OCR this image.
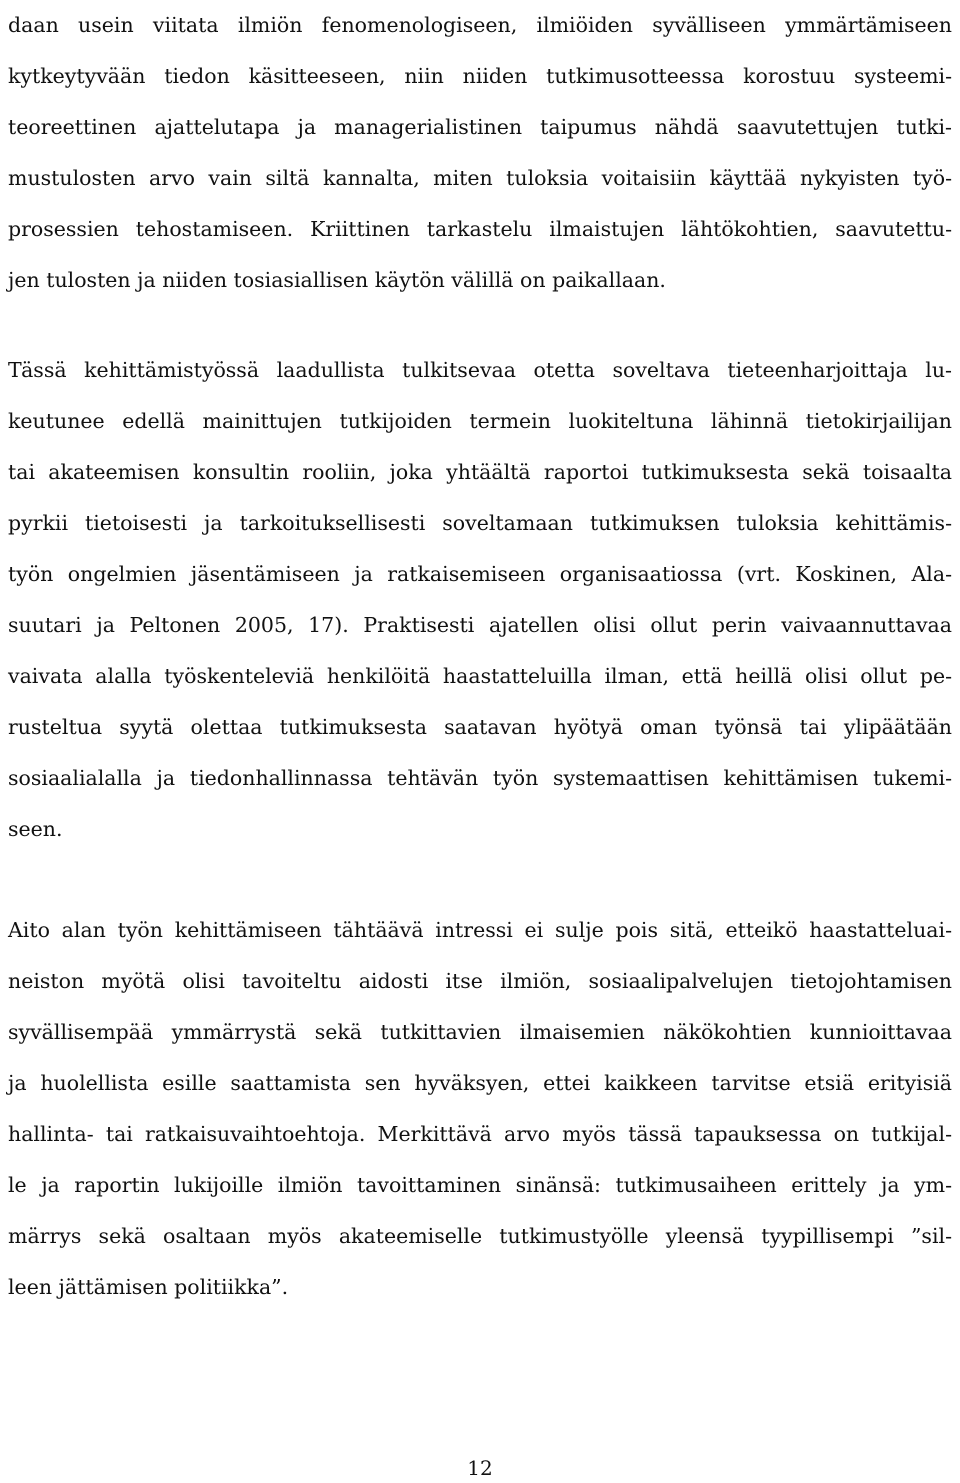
daan usein viitata ilmiön fenomenologiseen, ilmiöiden syvälliseen ymmärtämiseen
kytkeytyvään tiedon käsitteeseen, niin niiden tutkimusotteessa korostuu systeemi-
teoreettinen ajattelutapa ja managerialistinen taipumus nähdä saavutettujen tutki-
mustulosten arvo vain siltä kannalta, miten tuloksia voitaisiin käyttää nykyisten työ-
prosessien tehostamiseen. Kriittinen tarkastelu ilmaistujen lähtökohtien, saavutettu-
jen tulosten ja niiden tosiasiallisen käytön välillä on paikallaan.
Tässä kehittämistyössä laadullista tulkitsevaa otetta soveltava tieteenharjoittaja lu-
keutunee edellä mainittujen tutkijoiden termein luokiteltuna lähinnä tietokirjailijan
tai akateemisen konsultin rooliin, joka yhtäältä raportoi tutkimuksesta sekä toisaalta
pyrkii tietoisesti ja tarkoituksellisesti soveltamaan tutkimuksen tuloksia kehittämis-
työn ongelmien jäsentämiseen ja ratkaisemiseen organisaatiossa (vrt. Koskinen, Ala-
suutari ja Peltonen 2005, 17). Praktisesti ajatellen olisi ollut perin vaivaannuttavaa
vaivata alalla työskenteleviä henkilöitä haastatteluilla ilman, että heillä olisi ollut pe-
rusteltua syytä olettaa tutkimuksesta saatavan hyötyä oman työnsä tai ylipäätään
sosiaalialalla ja tiedonhallinnassa tehtävän työn systemaattisen kehittämisen tukemi-
seen.
Aito alan työn kehittämiseen tähtäävä intressi ei sulje pois sitä, etteikö haastatteluai-
neiston myötä olisi tavoiteltu aidosti itse ilmiön, sosiaalipalvelujen tietojohtamisen
syvällisempää ymmärrystä sekä tutkittavien ilmaisemien näkökohtien kunnioittavaa
ja huolellista esille saattamista sen hyväksyen, ettei kaikkeen tarvitse etsiä erityisiä
hallinta- tai ratkaisuvaihtoehtoja. Merkittävä arvo myös tässä tapauksessa on tutkijal-
le ja raportin lukijoille ilmiön tavoittaminen sinänsä: tutkimusaiheen erittely ja ym-
märrys sekä osaltaan myös akateemiselle tutkimustyölle yleensä tyypillisempi ”sil-
leen jättämisen politiikka”.
12
